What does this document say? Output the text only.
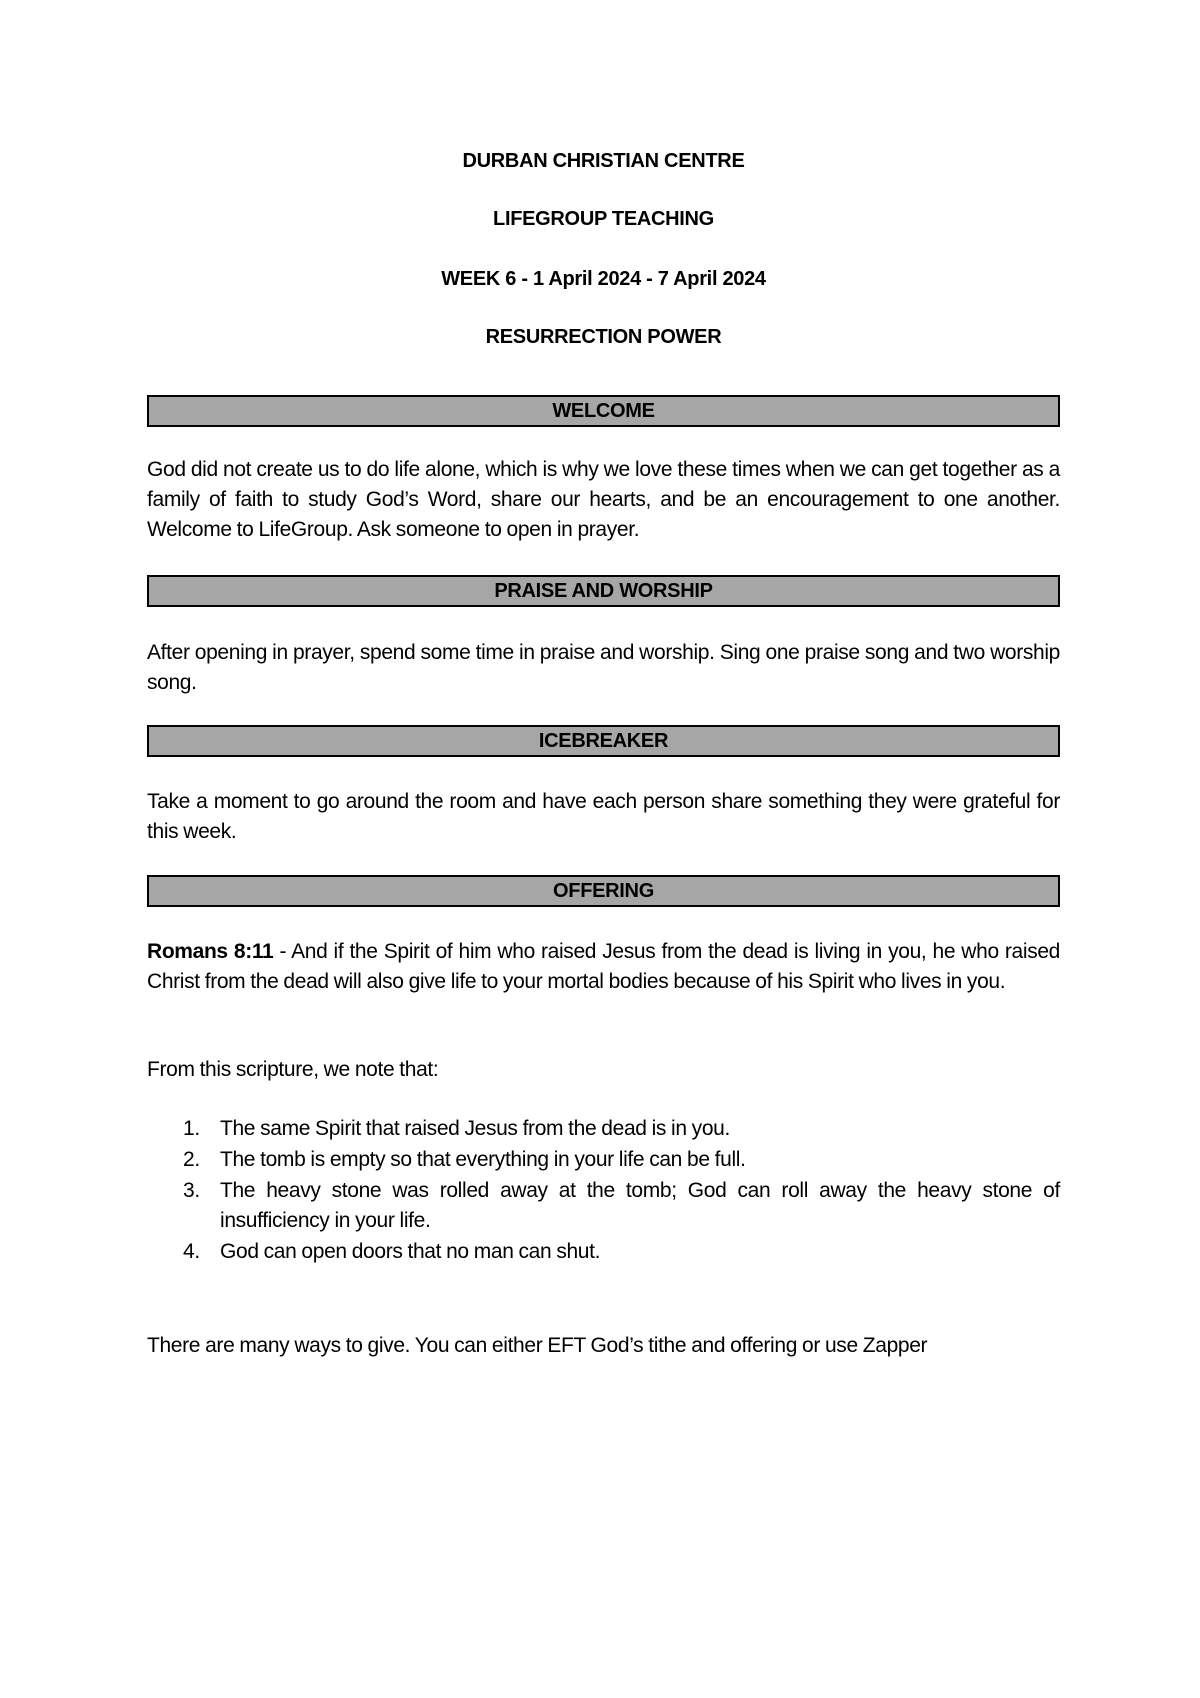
DURBAN CHRISTIAN CENTRE
LIFEGROUP TEACHING
WEEK 6 - 1 April 2024 - 7 April 2024
RESURRECTION POWER
WELCOME
God did not create us to do life alone, which is why we love these times when we can get together as a family of faith to study God’s Word, share our hearts, and be an encouragement to one another. Welcome to LifeGroup. Ask someone to open in prayer.
PRAISE AND WORSHIP
After opening in prayer, spend some time in praise and worship. Sing one praise song and two worship song.
ICEBREAKER
Take a moment to go around the room and have each person share something they were grateful for this week.
OFFERING
Romans 8:11 - And if the Spirit of him who raised Jesus from the dead is living in you, he who raised Christ from the dead will also give life to your mortal bodies because of his Spirit who lives in you.
From this scripture, we note that:
1. The same Spirit that raised Jesus from the dead is in you.
2. The tomb is empty so that everything in your life can be full.
3. The heavy stone was rolled away at the tomb; God can roll away the heavy stone of insufficiency in your life.
4. God can open doors that no man can shut.
There are many ways to give. You can either EFT God’s tithe and offering or use Zapper
